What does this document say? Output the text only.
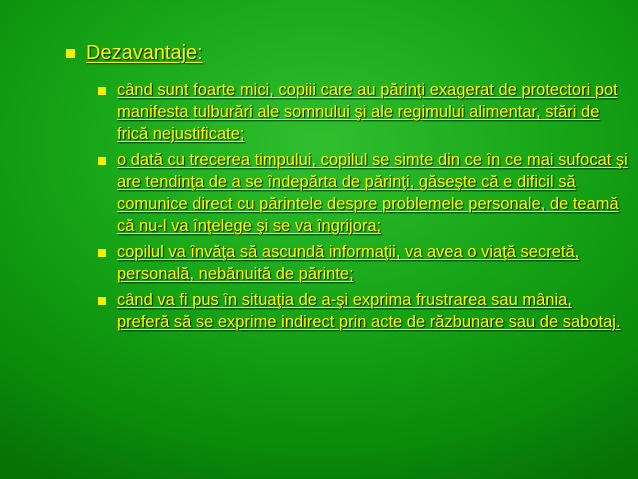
Dezavantaje:
când sunt foarte mici, copiii care au părinţi exagerat de protectori pot manifesta tulburări ale somnului şi ale regimului alimentar, stări de frică nejustificate;
o dată cu trecerea timpului, copilul se simte din ce în ce mai sufocat şi are tendinţa de a se îndepărta de părinţi, găseşte că e dificil să comunice direct cu părintele despre problemele personale, de teamă că nu-l va înţelege şi se va îngrijora;
copilul va învăţa să ascundă informaţii, va avea o viaţă secretă, personală, nebănuită de părinte;
când va fi pus în situaţia de a-şi exprima frustrarea sau mânia, preferă să se exprime indirect prin acte de răzbunare sau de sabotaj.
